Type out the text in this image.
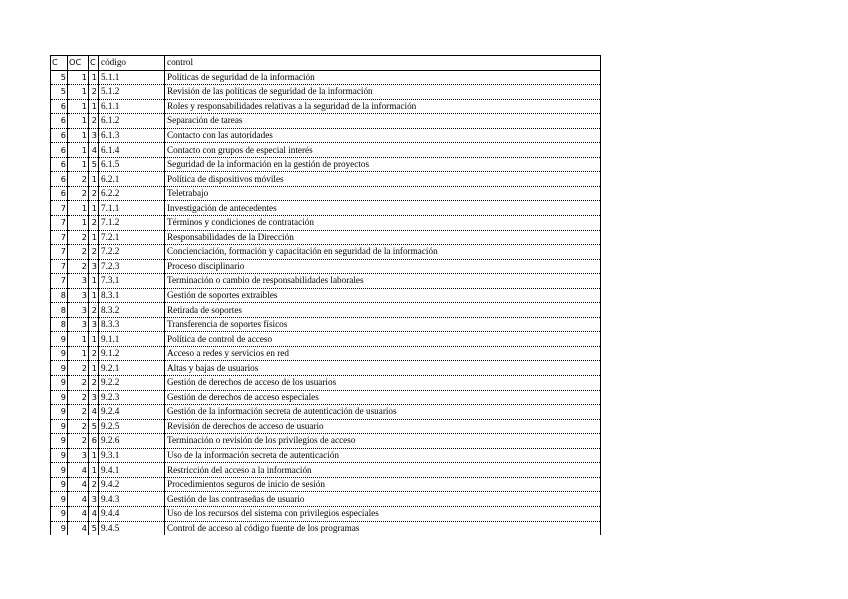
C	OC	C	código	control
5	1	1	5.1.1	Políticas de seguridad de la información
5	1	2	5.1.2	Revisión de las políticas de seguridad de la información
6	1	1	6.1.1	Roles y responsabilidades relativas a la seguridad de la información
6	1	2	6.1.2	Separación de tareas
6	1	3	6.1.3	Contacto con las autoridades
6	1	4	6.1.4	Contacto con grupos de especial interés
6	1	5	6.1.5	Seguridad de la información en la gestión de proyectos
6	2	1	6.2.1	Política de dispositivos móviles
6	2	2	6.2.2	Teletrabajo
7	1	1	7.1.1	Investigación de antecedentes
7	1	2	7.1.2	Términos y condiciones de contratación
7	2	1	7.2.1	Responsabilidades de la Dirección
7	2	2	7.2.2	Concienciación, formación y capacitación en seguridad de la información
7	2	3	7.2.3	Proceso disciplinario
7	3	1	7.3.1	Terminación o cambio de responsabilidades laborales
8	3	1	8.3.1	Gestión de soportes extraíbles
8	3	2	8.3.2	Retirada de soportes
8	3	3	8.3.3	Transferencia de soportes físicos
9	1	1	9.1.1	Política de control de acceso
9	1	2	9.1.2	Acceso a redes y servicios en red
9	2	1	9.2.1	Altas y bajas de usuarios
9	2	2	9.2.2	Gestión de derechos de acceso de los usuarios
9	2	3	9.2.3	Gestión de derechos de acceso especiales
9	2	4	9.2.4	Gestión de la información secreta de autenticación de usuarios
9	2	5	9.2.5	Revisión de derechos de acceso de usuario
9	2	6	9.2.6	Terminación o revisión de los privilegios de acceso
9	3	1	9.3.1	Uso de la información secreta de autenticación
9	4	1	9.4.1	Restricción del acceso a la información
9	4	2	9.4.2	Procedimientos seguros de inicio de sesión
9	4	3	9.4.3	Gestión de las contraseñas de usuario
9	4	4	9.4.4	Uso de los recursos del sistema con privilegios especiales
9	4	5	9.4.5	Control de acceso al código fuente de los programas
